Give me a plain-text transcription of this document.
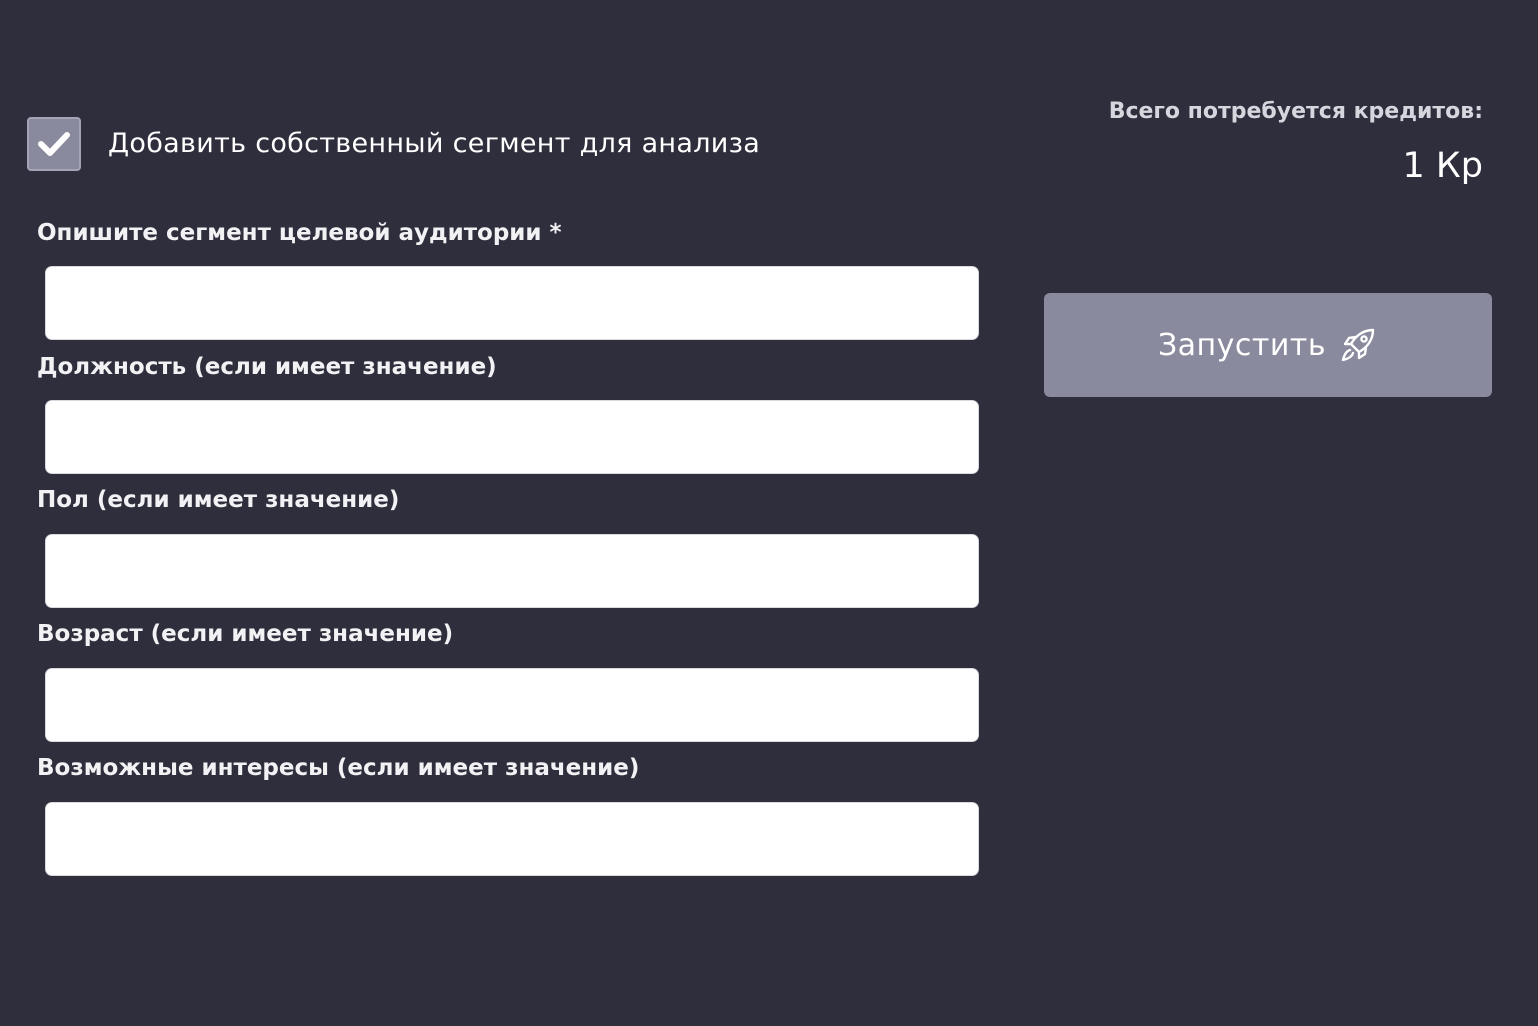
Добавить собственный сегмент для анализа
Опишите сегмент целевой аудитории *
Должность (если имеет значение)
Пол (если имеет значение)
Возраст (если имеет значение)
Возможные интересы (если имеет значение)
Всего потребуется кредитов:
1 Кр
Запустить
